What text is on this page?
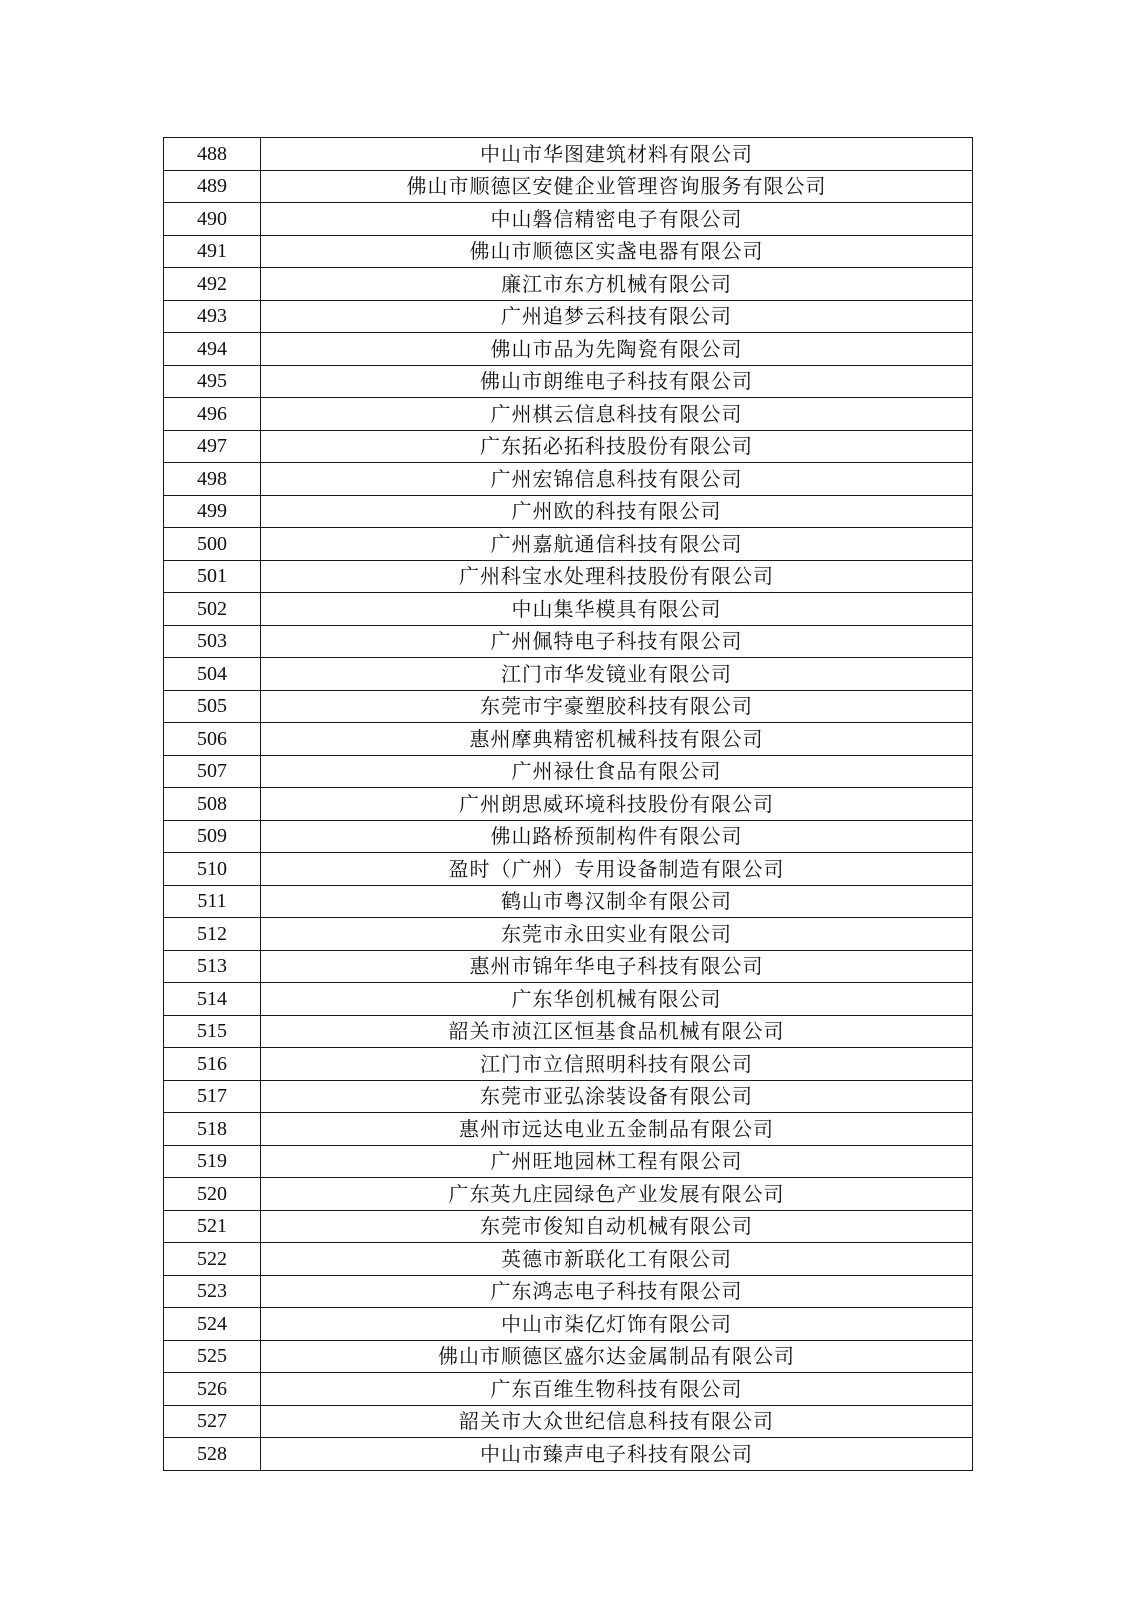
488	中山市华图建筑材料有限公司
489	佛山市顺德区安健企业管理咨询服务有限公司
490	中山磐信精密电子有限公司
491	佛山市顺德区实盏电器有限公司
492	廉江市东方机械有限公司
493	广州追梦云科技有限公司
494	佛山市品为先陶瓷有限公司
495	佛山市朗维电子科技有限公司
496	广州棋云信息科技有限公司
497	广东拓必拓科技股份有限公司
498	广州宏锦信息科技有限公司
499	广州欧的科技有限公司
500	广州嘉航通信科技有限公司
501	广州科宝水处理科技股份有限公司
502	中山集华模具有限公司
503	广州佩特电子科技有限公司
504	江门市华发镜业有限公司
505	东莞市宇豪塑胶科技有限公司
506	惠州摩典精密机械科技有限公司
507	广州禄仕食品有限公司
508	广州朗思威环境科技股份有限公司
509	佛山路桥预制构件有限公司
510	盈时（广州）专用设备制造有限公司
511	鹤山市粤汉制伞有限公司
512	东莞市永田实业有限公司
513	惠州市锦年华电子科技有限公司
514	广东华创机械有限公司
515	韶关市浈江区恒基食品机械有限公司
516	江门市立信照明科技有限公司
517	东莞市亚弘涂装设备有限公司
518	惠州市远达电业五金制品有限公司
519	广州旺地园林工程有限公司
520	广东英九庄园绿色产业发展有限公司
521	东莞市俊知自动机械有限公司
522	英德市新联化工有限公司
523	广东鸿志电子科技有限公司
524	中山市柒亿灯饰有限公司
525	佛山市顺德区盛尔达金属制品有限公司
526	广东百维生物科技有限公司
527	韶关市大众世纪信息科技有限公司
528	中山市臻声电子科技有限公司
